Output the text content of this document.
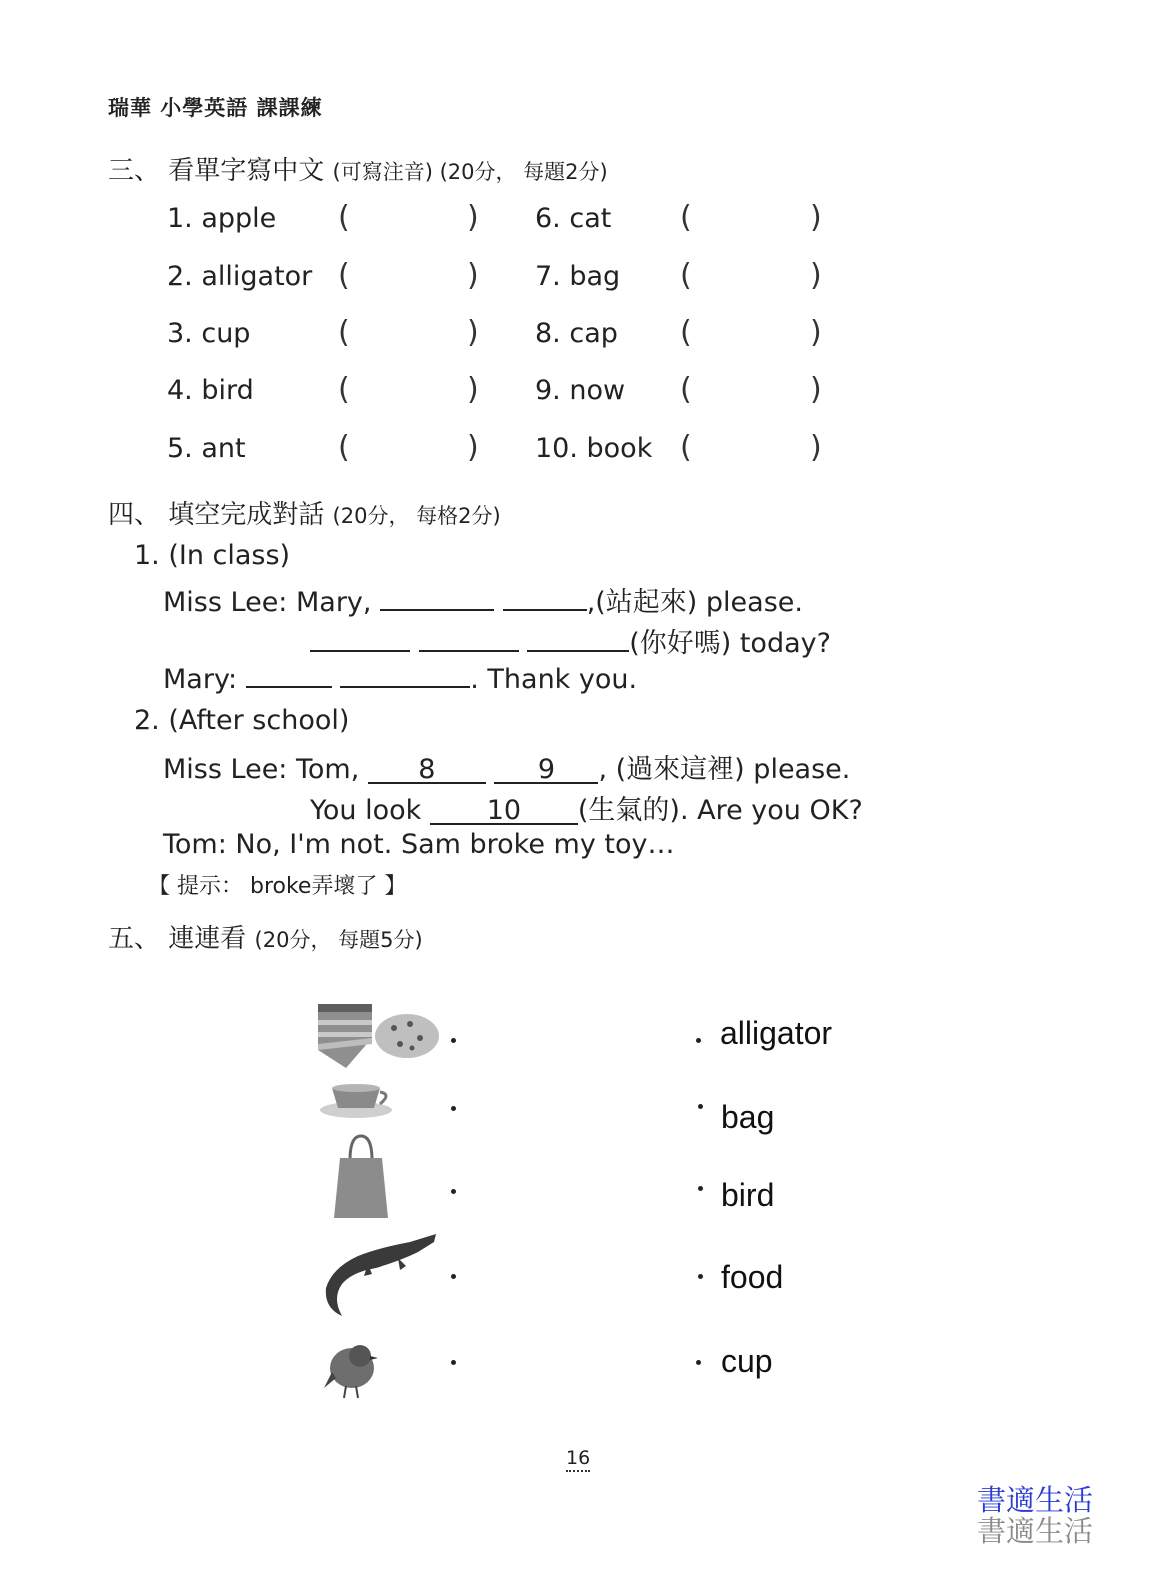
瑞華 小學英語 課課練
三、 看單字寫中文 (可寫注音) (20分， 每題2分)
1. apple (	)
2. alligator (	)
3. cup	(	)
4. bird	(	)
5. ant	(	)
6. cat (	)
7. bag (	)
8. cap (	)
9. now (	)
10. book (	)
四、 填空完成對話 (20分， 每格2分)
1. (In class)
Miss Lee: Mary,	,(站起來) please.
(你好嗎) today?
Mary:	. Thank you.
2. (After school)
Miss Lee: Tom, 8	9 , (過來這裡) please.
You look 10 (生氣的). Are you OK?
Tom: No, I'm not. Sam broke my toy…
【 提示： broke弄壞了 】
五、 連連看 (20分， 每題5分)
alligator
bag
bird
food
cup
16
書適生活
書適生活
